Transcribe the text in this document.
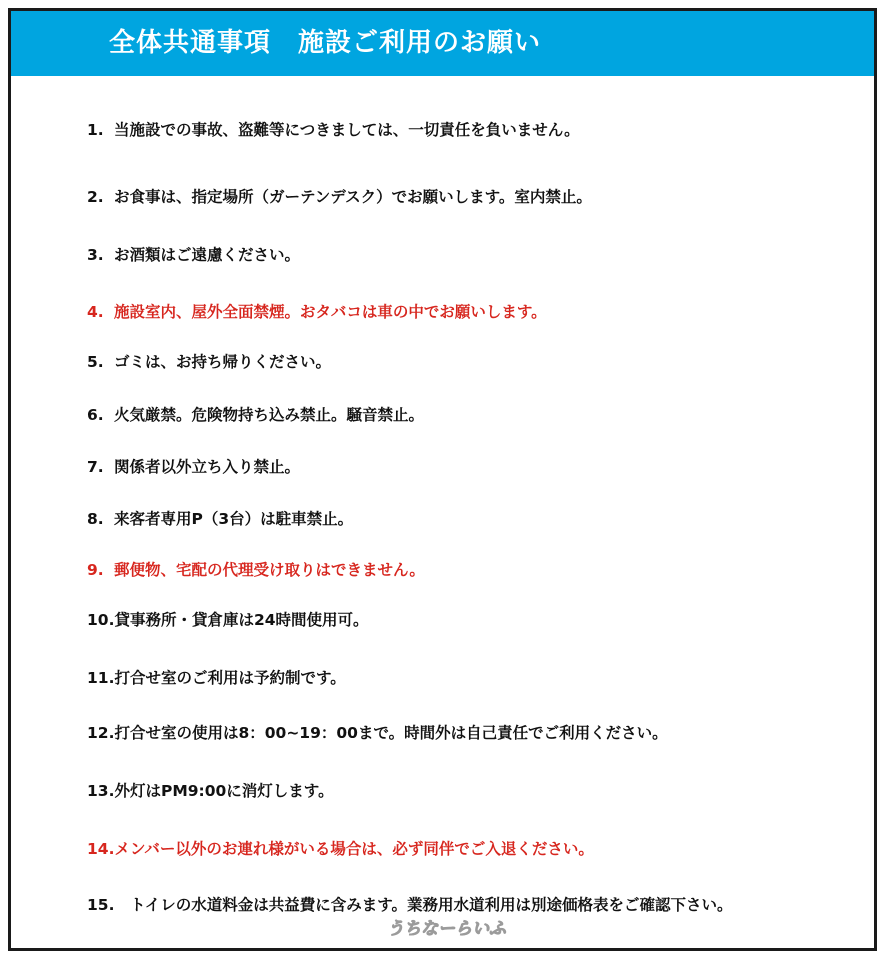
全体共通事項　施設ご利用のお願い
1. 当施設での事故、盗難等につきましては、一切責任を負いません。
2. お食事は、指定場所（ガーテンデスク）でお願いします。室内禁止。
3. お酒類はご遠慮ください。
4. 施設室内、屋外全面禁煙。おタバコは車の中でお願いします。
5. ゴミは、お持ち帰りください。
6. 火気厳禁。危険物持ち込み禁止。騒音禁止。
7. 関係者以外立ち入り禁止。
8. 来客者専用P（3台）は駐車禁止。
9. 郵便物、宅配の代理受け取りはできません。
10.貸事務所・貸倉庫は24時間使用可。
11.打合せ室のご利用は予約制です。
12.打合せ室の使用は8：00~19：00まで。時間外は自己責任でご利用ください。
13.外灯はPM9:00に消灯します。
14.メンバー以外のお連れ様がいる場合は、必ず同伴でご入退ください。
15.　トイレの水道料金は共益費に含みます。業務用水道利用は別途価格表をご確認下さい。
うちなーらいふ
